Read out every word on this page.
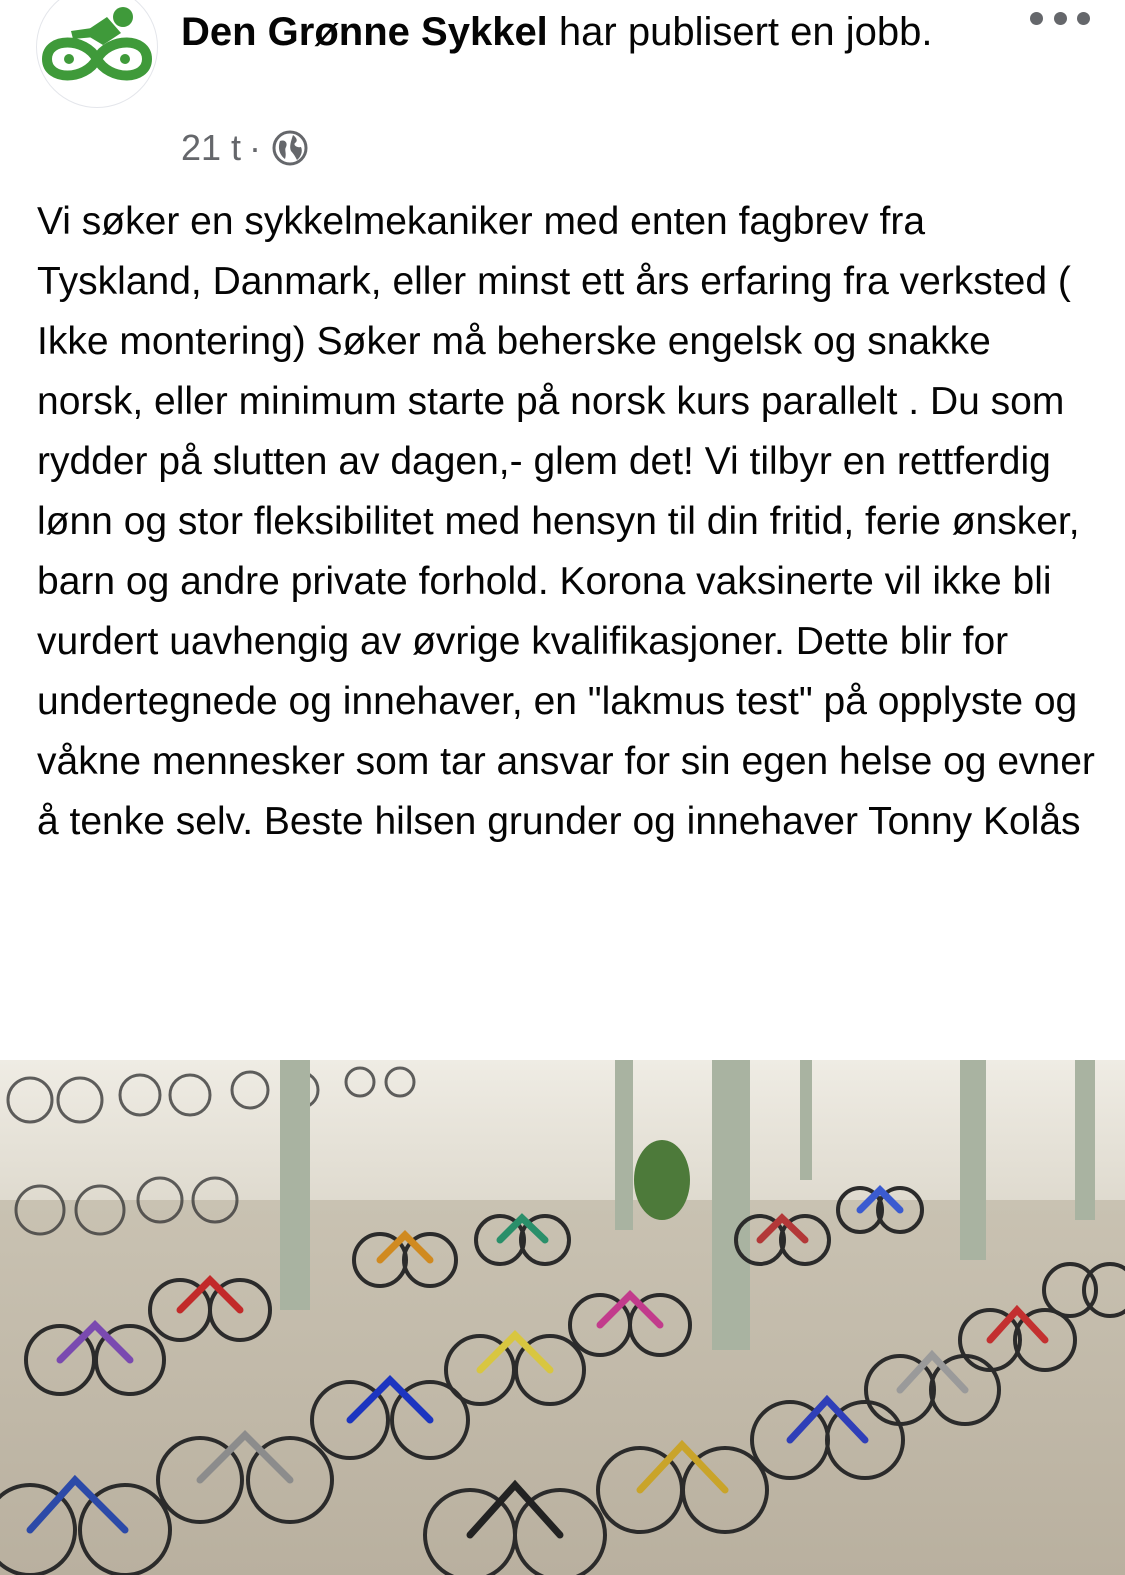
Den Grønne Sykkel har publisert en jobb.
21 t ·

Vi søker en sykkelmekaniker med enten fagbrev fra Tyskland, Danmark, eller minst ett års erfaring fra verksted ( Ikke montering) Søker må beherske engelsk og snakke norsk, eller minimum starte på norsk kurs parallelt . Du som rydder på slutten av dagen,- glem det! Vi tilbyr en rettferdig lønn og stor fleksibilitet med hensyn til din fritid, ferie ønsker, barn og andre private forhold. Korona vaksinerte vil ikke bli vurdert uavhengig av øvrige kvalifikasjoner. Dette blir for undertegnede og innehaver, en "lakmus test" på opplyste og våkne mennesker som tar ansvar for sin egen helse og evner å tenke selv. Beste hilsen grunder og innehaver Tonny Kolås
